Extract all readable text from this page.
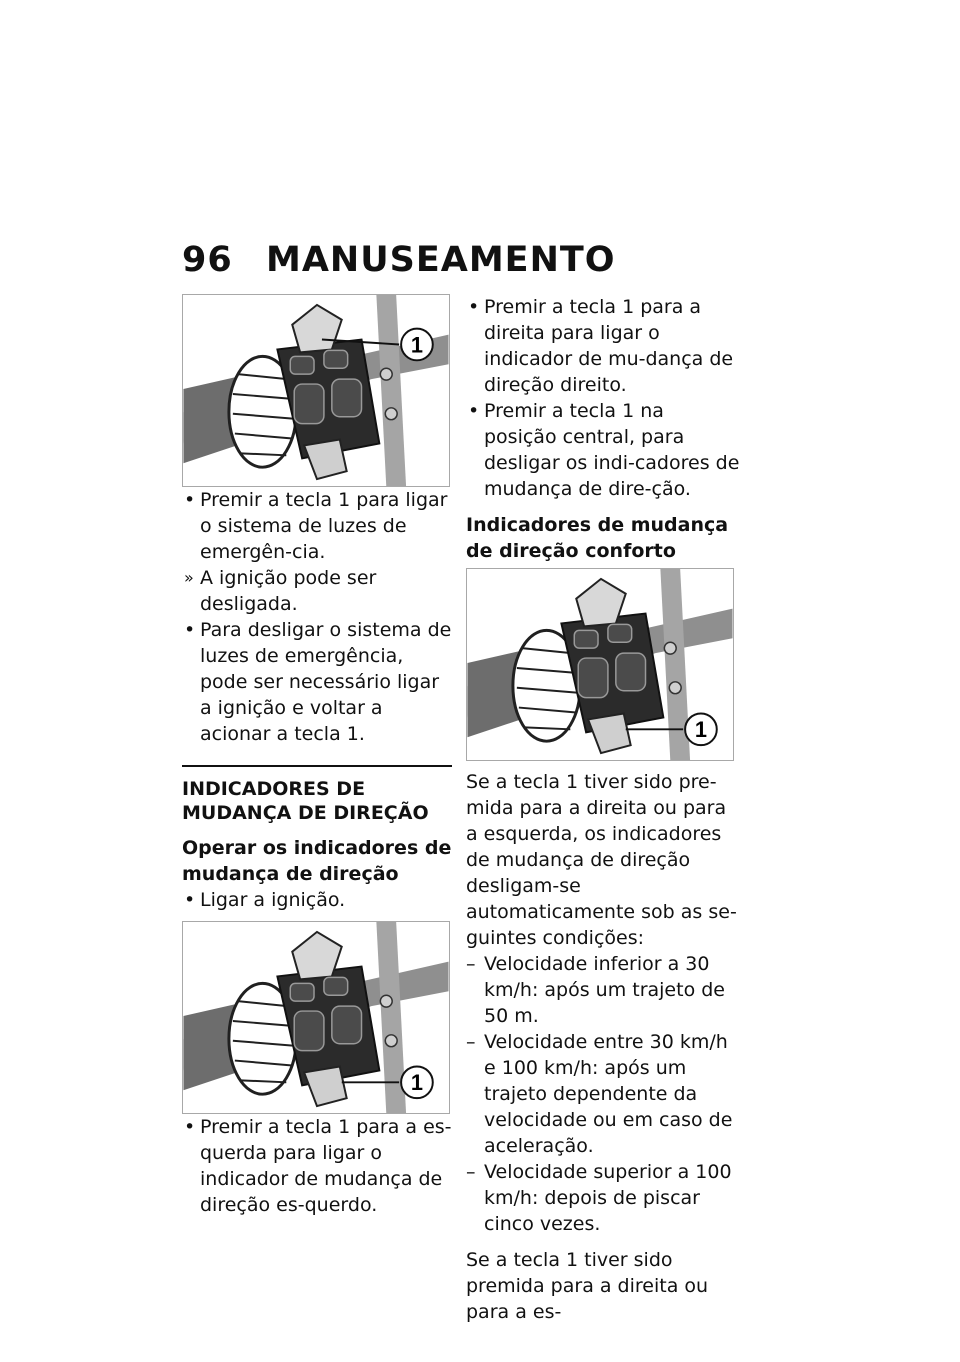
96 MANUSEAMENTO
1
• Premir a tecla 1 para ligar o sistema de luzes de emergên-cia.
» A ignição pode ser desligada.
• Para desligar o sistema de luzes de emergência, pode ser necessário ligar a ignição e voltar a acionar a tecla 1.
INDICADORES DE MUDANÇA DE DIREÇÃO
Operar os indicadores de mudança de direção
• Ligar a ignição.
1
• Premir a tecla 1 para a es-querda para ligar o indicador de mudança de direção es-querdo.
• Premir a tecla 1 para a direita para ligar o indicador de mu-dança de direção direito.
• Premir a tecla 1 na posição central, para desligar os indi-cadores de mudança de dire-ção.
Indicadores de mudança de direção conforto
1

Se a tecla 1 tiver sido pre-mida para a direita ou para a esquerda, os indicadores de mudança de direção desligam-se automaticamente sob as se-guintes condições:

– Velocidade inferior a 30 km/h: após um trajeto de 50 m.
– Velocidade entre 30 km/h e 100 km/h: após um trajeto dependente da velocidade ou em caso de aceleração.
– Velocidade superior a 100 km/h: depois de piscar cinco vezes.

Se a tecla 1 tiver sido premida para a direita ou para a es-
